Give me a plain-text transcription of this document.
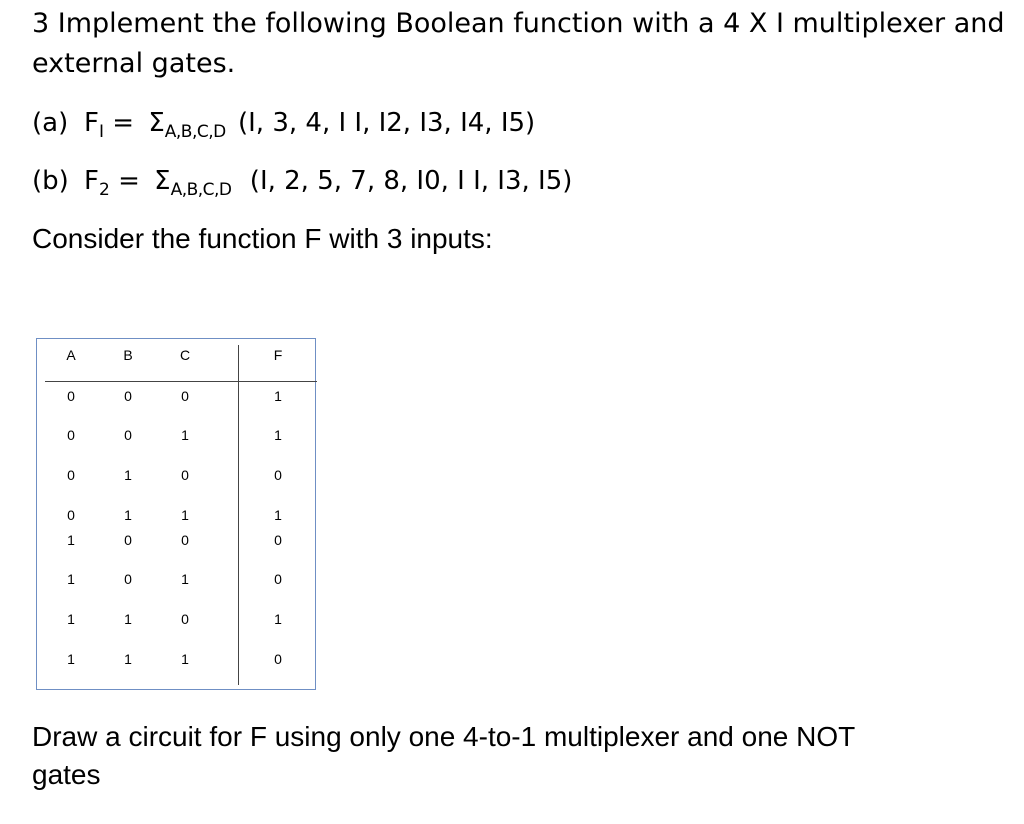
3 Implement the following Boolean function with a 4 X I multiplexer and
external gates.
(a) $F_I = \Sigma_{A,B,C,D}$ (I, 3, 4, I I, I2, I3, I4, I5)
(b) $F_2 = \Sigma_{A,B,C,D}$ (I, 2, 5, 7, 8, I0, I I, I3, I5)
Consider the function F with 3 inputs:
A	B	C	F
0	0	0	1
0	0	1	1
0	1	0	0
0	1	1	1
1	0	0	0
1	0	1	0
1	1	0	1
1	1	1	0
Draw a circuit for F using only one 4-to-1 multiplexer and one NOT
gates
